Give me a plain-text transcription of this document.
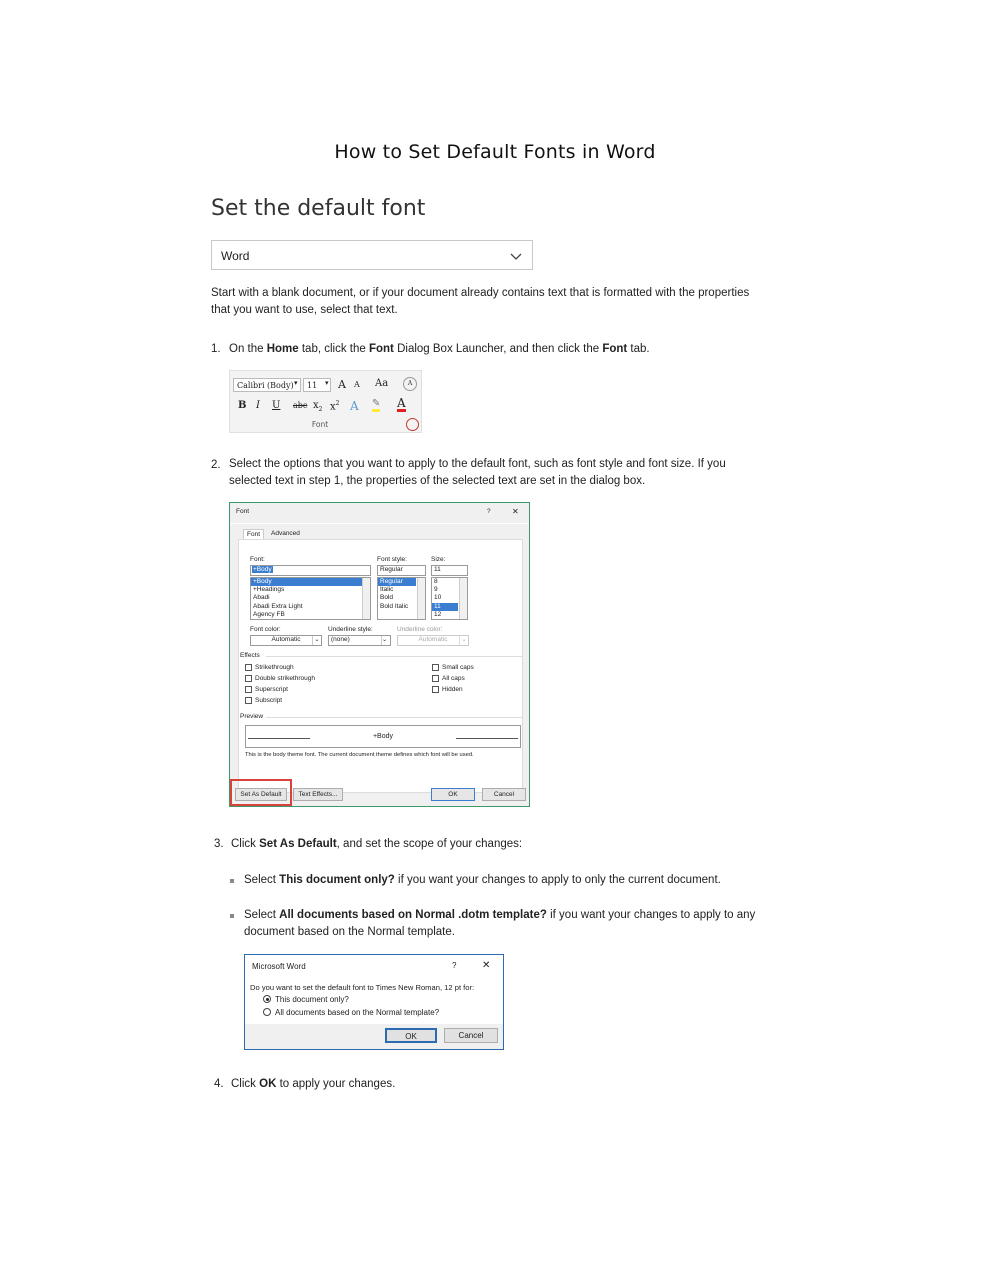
How to Set Default Fonts in Word
Set the default font
Word
Start with a blank document, or if your document already contains text that is formatted with the properties
that you want to use, select that text.
1. On the Home tab, click the Font Dialog Box Launcher, and then click the Font tab.
Calibri (Body) ▾	11	▾ A A Aa	A
B I U abc $x_2$ $x^2$ A ✎ A
Font
2. Select the options that you want to apply to the default font, such as font style and font size. If you
selected text in step 1, the properties of the selected text are set in the dialog box.
Font	?	✕
Font	Advanced
Font:
+Body
+Body
+Headings
Abadi
Abadi Extra Light
Agency FB
Font style:
Regular
Regular
Italic
Bold
Bold Italic
Size:
11
8
9
10
11
12
Font color:
Automatic	⌄
Underline style:
(none)	⌄
Underline color:
Automatic	⌄
Effects
Strikethrough
Double strikethrough
Superscript
Subscript
Small caps
All caps
Hidden
Preview
+Body
This is the body theme font. The current document theme defines which font will be used.
Set As Default	Text Effects...	OK	Cancel
3. Click Set As Default, and set the scope of your changes:
Select This document only? if you want your changes to apply to only the current document.
Select All documents based on Normal .dotm template? if you want your changes to apply to any
document based on the Normal template.
Microsoft Word	?	✕
Do you want to set the default font to Times New Roman, 12 pt for:
This document only?
All documents based on the Normal template?
OK	Cancel
4. Click OK to apply your changes.
